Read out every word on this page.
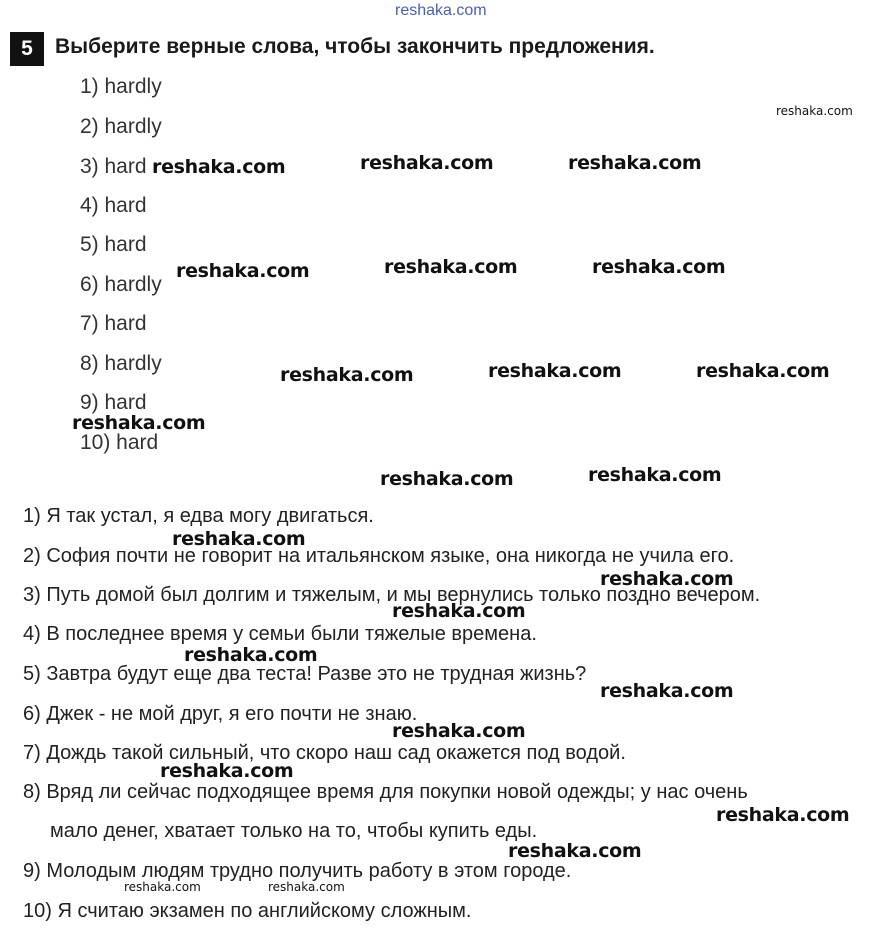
reshaka.com
5	Выберите верные слова, чтобы закончить предложения.
1) hardly
2) hardly
3) hard
4) hard
5) hard
6) hardly
7) hard
8) hardly
9) hard
10) hard
1) Я так устал, я едва могу двигаться.
2) София почти не говорит на итальянском языке, она никогда не учила его.
3) Путь домой был долгим и тяжелым, и мы вернулись только поздно вечером.
4) В последнее время у семьи были тяжелые времена.
5) Завтра будут еще два теста! Разве это не трудная жизнь?
6) Джек - не мой друг, я его почти не знаю.
7) Дождь такой сильный, что скоро наш сад окажется под водой.
8) Вряд ли сейчас подходящее время для покупки новой одежды; у нас очень
мало денег, хватает только на то, чтобы купить еды.
9) Молодым людям трудно получить работу в этом городе.
10) Я считаю экзамен по английскому сложным.
reshaka.com
reshaka.com	reshaka.com	reshaka.com
reshaka.com	reshaka.com	reshaka.com
reshaka.com	reshaka.com	reshaka.com
reshaka.com
reshaka.com	reshaka.com
reshaka.com
reshaka.com
reshaka.com
reshaka.com
reshaka.com
reshaka.com
reshaka.com
reshaka.com
reshaka.com
reshaka.com	reshaka.com
